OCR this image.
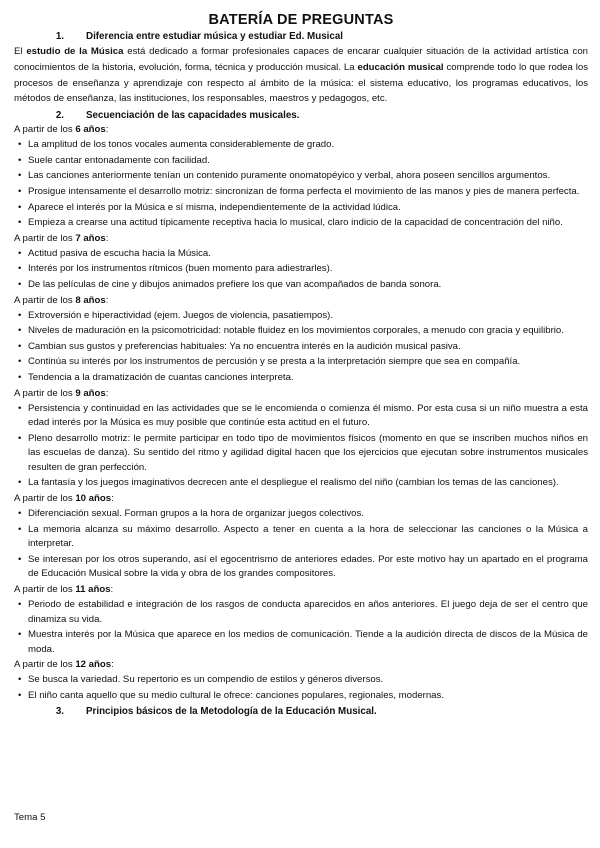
BATERÍA DE PREGUNTAS
1.	Diferencia entre estudiar música y estudiar Ed. Musical

El estudio de la Música está dedicado a formar profesionales capaces de encarar cualquier situación de la actividad artística con conocimientos de la historia, evolución, forma, técnica y producción musical. La educación musical comprende todo lo que rodea los procesos de enseñanza y aprendizaje con respecto al ámbito de la música: el sistema educativo, los programas educativos, los métodos de enseñanza, las instituciones, los responsables, maestros y pedagogos, etc.

2.	Secuenciación de las capacidades musicales.
A partir de los 6 años:
• La amplitud de los tonos vocales aumenta considerablemente de grado.
• Suele cantar entonadamente con facilidad.
• Las canciones anteriormente tenían un contenido puramente onomatopéyico y verbal, ahora poseen sencillos argumentos.
• Prosigue intensamente el desarrollo motriz: sincronizan de forma perfecta el movimiento de las manos y pies de manera perfecta.
• Aparece el interés por la Música e sí misma, independientemente de la actividad lúdica.
• Empieza a crearse una actitud típicamente receptiva hacia lo musical, claro indicio de la capacidad de concentración del niño.
A partir de los 7 años:
• Actitud pasiva de escucha hacia la Música.
• Interés por los instrumentos rítmicos (buen momento para adiestrarles).
• De las películas de cine y dibujos animados prefiere los que van acompañados de banda sonora.
A partir de los 8 años:
• Extroversión e hiperactividad (ejem. Juegos de violencia, pasatiempos).
• Niveles de maduración en la psicomotricidad: notable fluidez en los movimientos corporales, a menudo con gracia y equilibrio.
• Cambian sus gustos y preferencias habituales: Ya no encuentra interés en la audición musical pasiva.
• Continúa su interés por los instrumentos de percusión y se presta a la interpretación siempre que sea en compañía.
• Tendencia a la dramatización de cuantas canciones interpreta.
A partir de los 9 años:
• Persistencia y continuidad en las actividades que se le encomienda o comienza él mismo. Por esta cusa si un niño muestra a esta edad interés por la Música es muy posible que continúe esta actitud en el futuro.
• Pleno desarrollo motriz: le permite participar en todo tipo de movimientos físicos (momento en que se inscriben muchos niños en las escuelas de danza). Su sentido del ritmo y agilidad digital hacen que los ejercicios que ejecutan sobre instrumentos musicales resulten de gran perfección.
• La fantasía y los juegos imaginativos decrecen ante el despliegue el realismo del niño (cambian los temas de las canciones).
A partir de los 10 años:
• Diferenciación sexual. Forman grupos a la hora de organizar juegos colectivos.
• La memoria alcanza su máximo desarrollo. Aspecto a tener en cuenta a la hora de seleccionar las canciones o la Música a interpretar.
• Se interesan por los otros superando, así el egocentrismo de anteriores edades. Por este motivo hay un apartado en el programa de Educación Musical sobre la vida y obra de los grandes compositores.
A partir de los 11 años:
• Periodo de estabilidad e integración de los rasgos de conducta aparecidos en años anteriores. El juego deja de ser el centro que dinamiza su vida.
• Muestra interés por la Música que aparece en los medios de comunicación. Tiende a la audición directa de discos de la Música de moda.
A partir de los 12 años:
• Se busca la variedad. Su repertorio es un compendio de estilos y géneros diversos.
• El niño canta aquello que su medio cultural le ofrece: canciones populares, regionales, modernas.
3.	Principios básicos de la Metodología de la Educación Musical.
Tema 5
